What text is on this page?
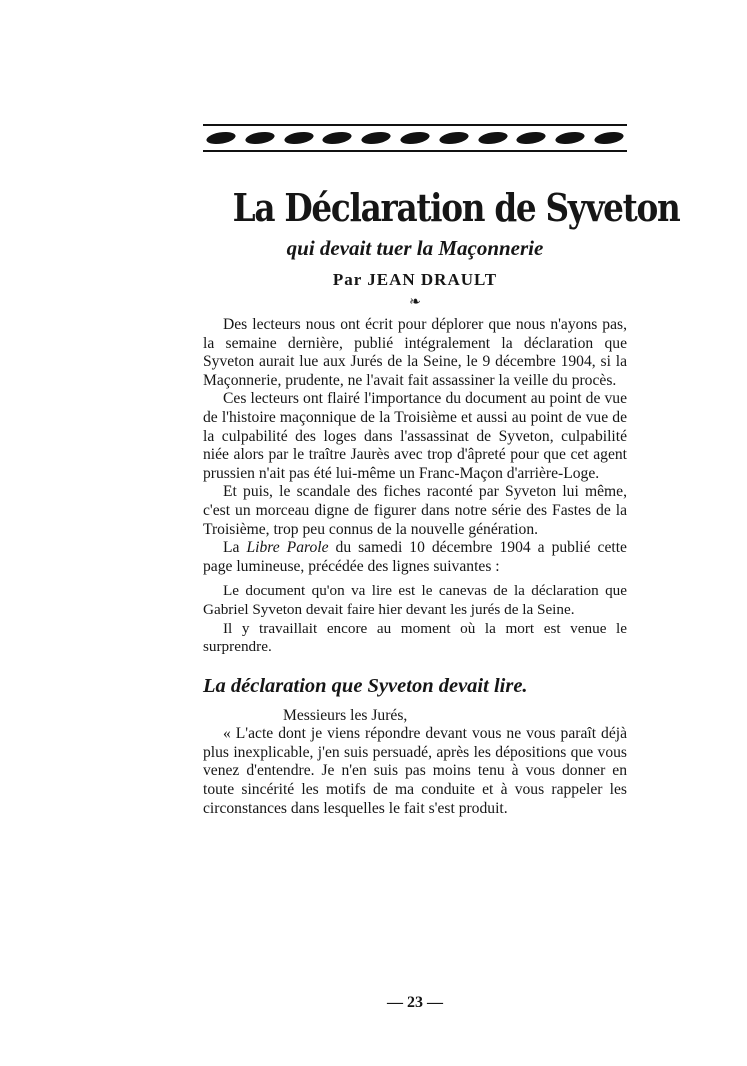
La Déclaration de Syveton
qui devait tuer la Maçonnerie
Par JEAN DRAULT
❧

Des lecteurs nous ont écrit pour déplorer que nous n'ayons pas, la semaine dernière, publié intégralement la déclaration que Syveton aurait lue aux Jurés de la Seine, le 9 décembre 1904, si la Maçonnerie, prudente, ne l'avait fait assassiner la veille du procès.

Ces lecteurs ont flairé l'importance du document au point de vue de l'histoire maçonnique de la Troisième et aussi au point de vue de la culpabilité des loges dans l'assassinat de Syveton, culpabilité niée alors par le traître Jaurès avec trop d'âpreté pour que cet agent prussien n'ait pas été lui-même un Franc-Maçon d'arrière-Loge.

Et puis, le scandale des fiches raconté par Syveton lui même, c'est un morceau digne de figurer dans notre série des Fastes de la Troisième, trop peu connus de la nouvelle génération.

La Libre Parole du samedi 10 décembre 1904 a publié cette page lumineuse, précédée des lignes suivantes :

Le document qu'on va lire est le canevas de la déclaration que Gabriel Syveton devait faire hier devant les jurés de la Seine.

Il y travaillait encore au moment où la mort est venue le surprendre.

La déclaration que Syveton devait lire.

Messieurs les Jurés,

« L'acte dont je viens répondre devant vous ne vous paraît déjà plus inexplicable, j'en suis persuadé, après les dépositions que vous venez d'entendre. Je n'en suis pas moins tenu à vous donner en toute sincérité les motifs de ma conduite et à vous rappeler les circonstances dans lesquelles le fait s'est produit.

— 23 —
